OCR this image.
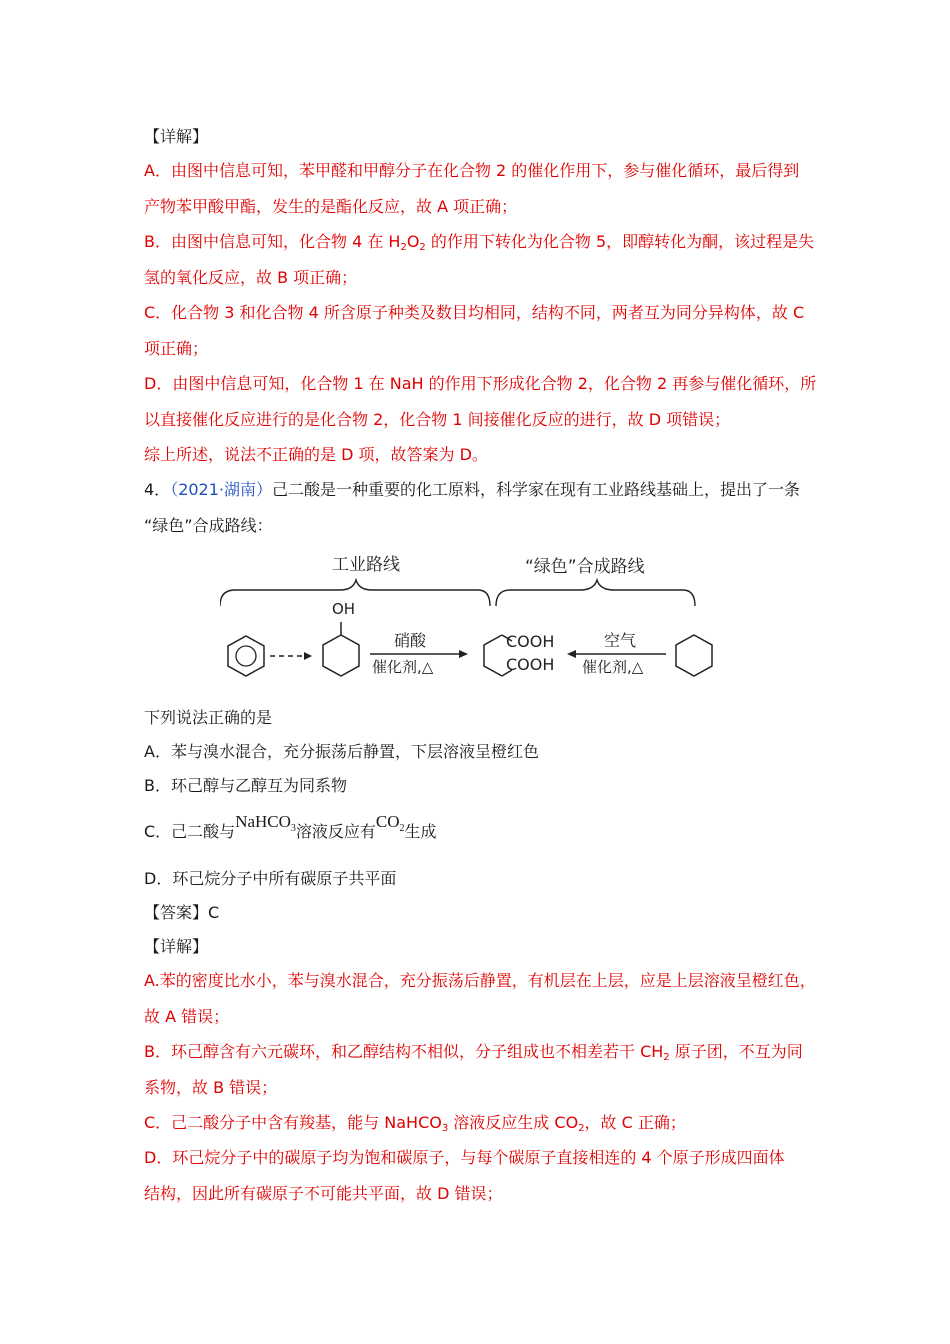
【详解】
A．由图中信息可知，苯甲醛和甲醇分子在化合物 2 的催化作用下，参与催化循环，最后得到
产物苯甲酸甲酯，发生的是酯化反应，故 A 项正确；
B．由图中信息可知，化合物 4 在 $H_2O_2$ 的作用下转化为化合物 5，即醇转化为酮，该过程是失
氢的氧化反应，故 B 项正确；
C．化合物 3 和化合物 4 所含原子种类及数目均相同，结构不同，两者互为同分异构体，故 C
项正确；
D．由图中信息可知，化合物 1 在 NaH 的作用下形成化合物 2，化合物 2 再参与催化循环，所
以直接催化反应进行的是化合物 2，化合物 1 间接催化反应的进行，故 D 项错误；
综上所述，说法不正确的是 D 项，故答案为 D。
4．（2021·湖南）己二酸是一种重要的化工原料，科学家在现有工业路线基础上，提出了一条
“绿色”合成路线：
工业路线	“绿色”合成路线
OH
硝酸
催化剂,△
COOH
COOH
空气
催化剂,△
下列说法正确的是
A．苯与溴水混合，充分振荡后静置，下层溶液呈橙红色
B．环己醇与乙醇互为同系物
C．己二酸与NaHCO$^3$溶液反应有$CO^2$生成
D．环己烷分子中所有碳原子共平面
【答案】C
【详解】
A.苯的密度比水小，苯与溴水混合，充分振荡后静置，有机层在上层，应是上层溶液呈橙红色，
故 A 错误；
B．环己醇含有六元碳环，和乙醇结构不相似，分子组成也不相差若干 $CH_2$ 原子团，不互为同
系物，故 B 错误；
C．己二酸分子中含有羧基，能与 NaHCO$_3$ 溶液反应生成 $CO_2$，故 C 正确；
D．环己烷分子中的碳原子均为饱和碳原子，与每个碳原子直接相连的 4 个原子形成四面体
结构，因此所有碳原子不可能共平面，故 D 错误；
